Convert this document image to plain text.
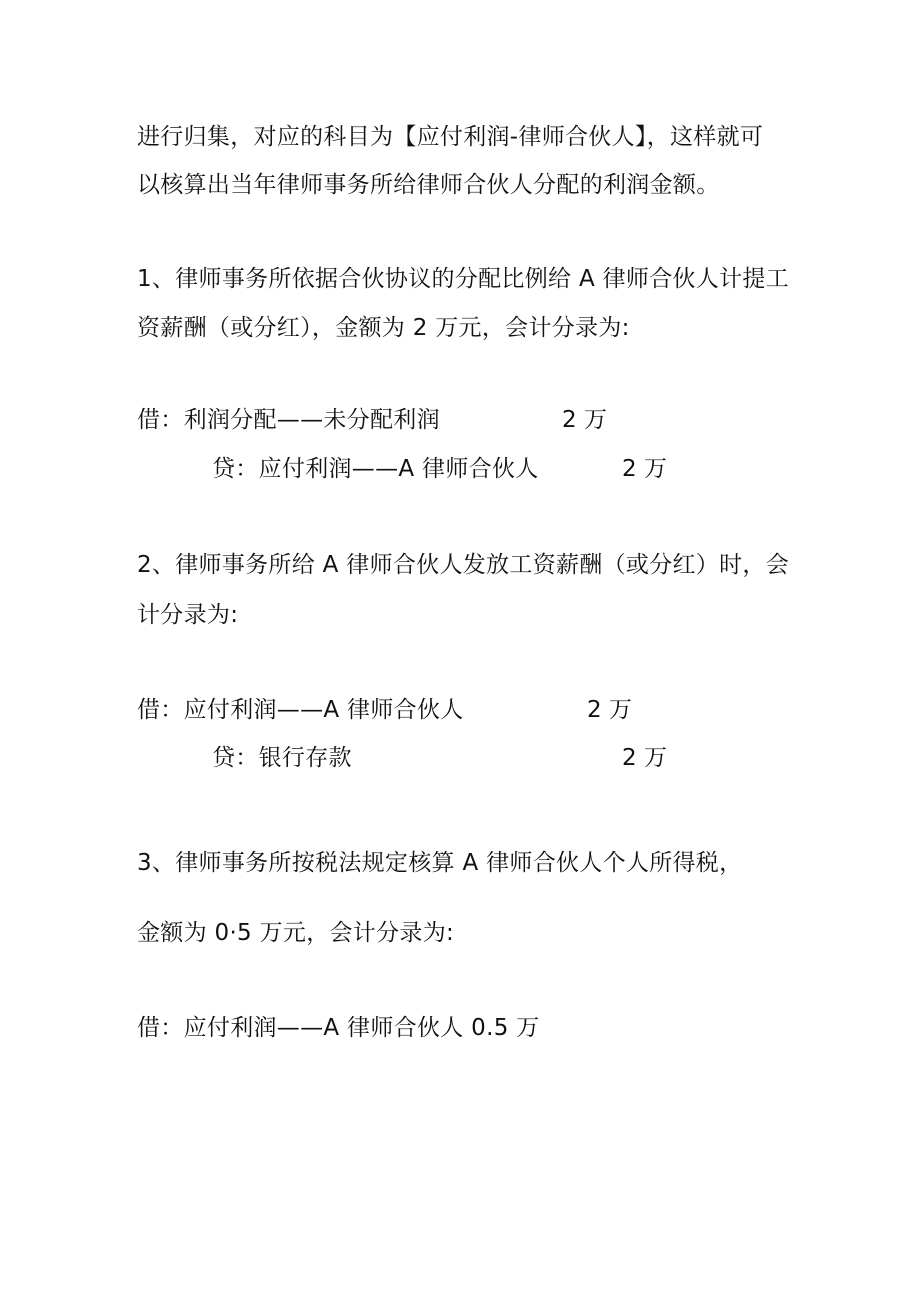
进行归集，对应的科目为【应付利润-律师合伙人】，这样就可

以核算出当年律师事务所给律师合伙人分配的利润金额。

1、律师事务所依据合伙协议的分配比例给 A 律师合伙人计提工

资薪酬（或分红），金额为 2 万元，会计分录为:

借：利润分配——未分配利润	2 万

贷：应付利润——A 律师合伙人	2 万

2、律师事务所给 A 律师合伙人发放工资薪酬（或分红）时，会

计分录为:

借：应付利润——A 律师合伙人	2 万

贷：银行存款	2 万

3、律师事务所按税法规定核算 A 律师合伙人个人所得税，

金额为 0·5 万元，会计分录为:

借：应付利润——A 律师合伙人 0.5 万
